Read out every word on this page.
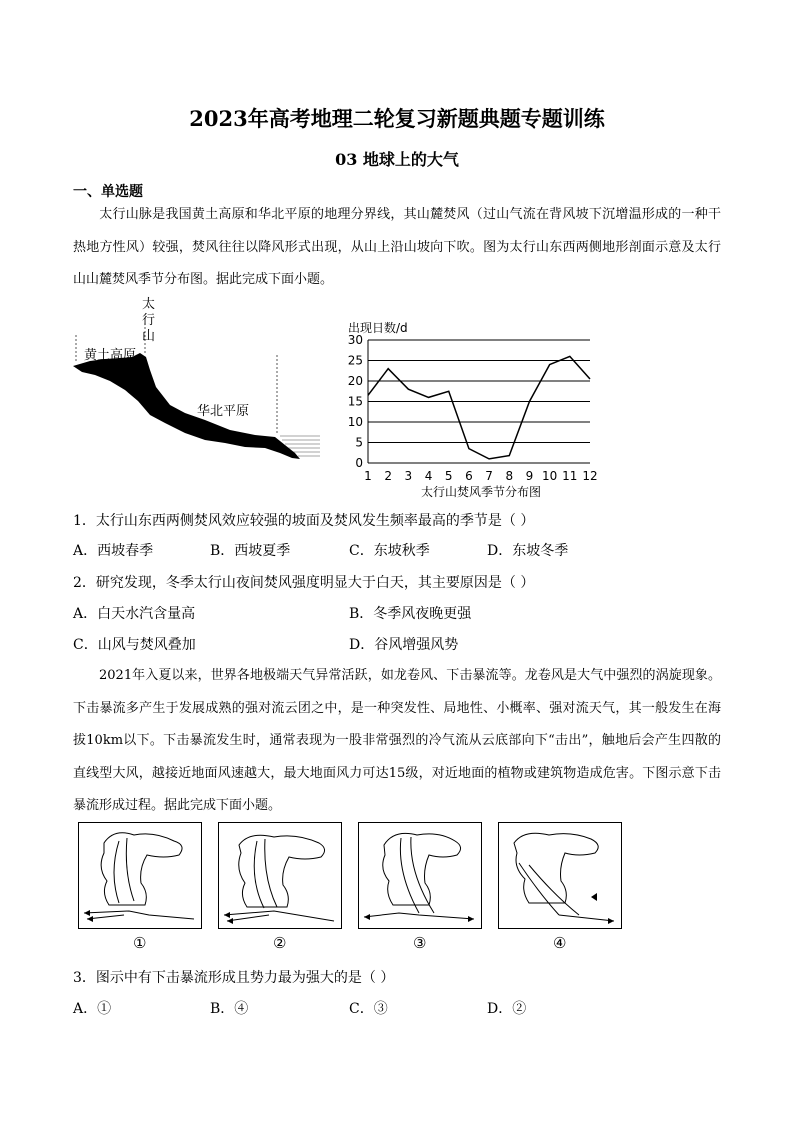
2023年高考地理二轮复习新题典题专题训练
03 地球上的大气
一、单选题
太行山脉是我国黄土高原和华北平原的地理分界线，其山麓焚风（过山气流在背风坡下沉增温形成的一种干热地方性风）较强，焚风往往以降风形式出现，从山上沿山坡向下吹。图为太行山东西两侧地形剖面示意及太行山山麓焚风季节分布图。据此完成下面小题。
太
行
山
黄土高原
华北平原
出现日数/d
0
5
10
15
20
25
30
1 2 3 4 5 6 7 8 9 10 11 12
太行山焚风季节分布图
1．太行山东西两侧焚风效应较强的坡面及焚风发生频率最高的季节是（ ）
A．西坡春季	B．西坡夏季	C．东坡秋季	D．东坡冬季
2．研究发现，冬季太行山夜间焚风强度明显大于白天，其主要原因是（ ）
A．白天水汽含量高	B．冬季风夜晚更强
C．山风与焚风叠加	D．谷风增强风势
2021年入夏以来，世界各地极端天气异常活跃，如龙卷风、下击暴流等。龙卷风是大气中强烈的涡旋现象。下击暴流多产生于发展成熟的强对流云团之中，是一种突发性、局地性、小概率、强对流天气，其一般发生在海拔10km以下。下击暴流发生时，通常表现为一股非常强烈的冷气流从云底部向下“击出”，触地后会产生四散的直线型大风，越接近地面风速越大，最大地面风力可达15级，对近地面的植物或建筑物造成危害。下图示意下击暴流形成过程。据此完成下面小题。
①	②	③	④
3．图示中有下击暴流形成且势力最为强大的是（ ）
A．①	B．④	C．③	D．②
